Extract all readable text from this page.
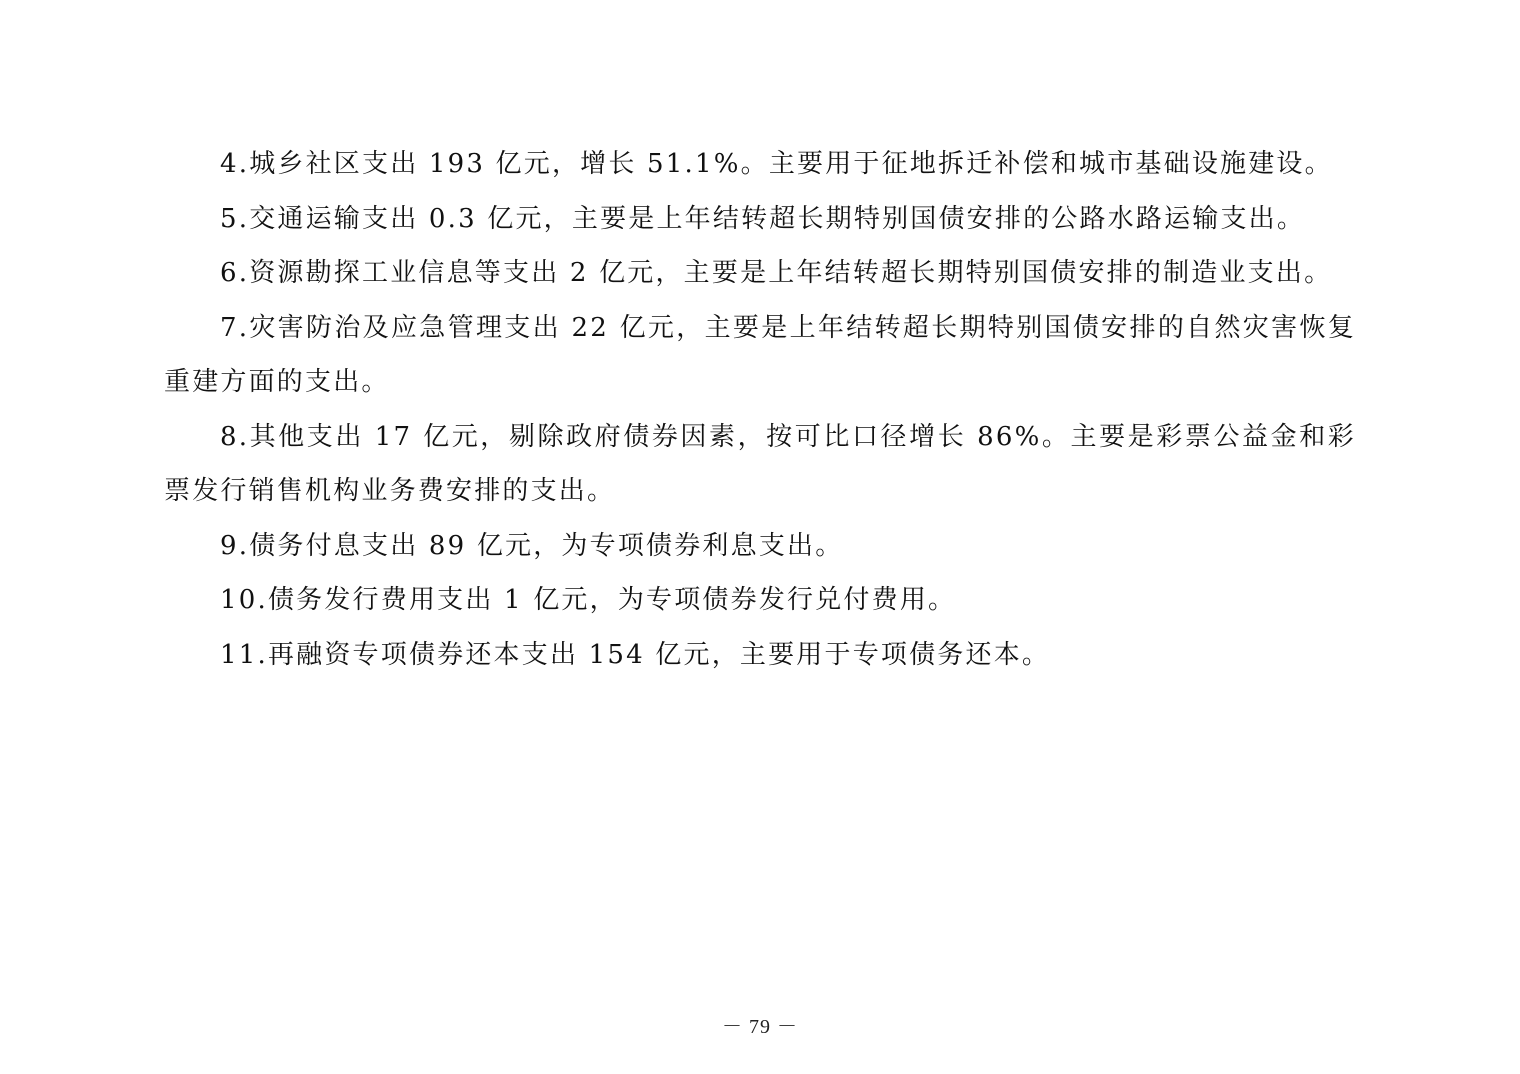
4.城乡社区支出 193 亿元，增长 51.1%。主要用于征地拆迁补偿和城市基础设施建设。

5.交通运输支出 0.3 亿元，主要是上年结转超长期特别国债安排的公路水路运输支出。

6.资源勘探工业信息等支出 2 亿元，主要是上年结转超长期特别国债安排的制造业支出。

7.灾害防治及应急管理支出 22 亿元，主要是上年结转超长期特别国债安排的自然灾害恢复重建方面的支出。

8.其他支出 17 亿元，剔除政府债券因素，按可比口径增长 86%。主要是彩票公益金和彩票发行销售机构业务费安排的支出。

9.债务付息支出 89 亿元，为专项债券利息支出。

10.债务发行费用支出 1 亿元，为专项债券发行兑付费用。

11.再融资专项债券还本支出 154 亿元，主要用于专项债务还本。

－ 79 －
